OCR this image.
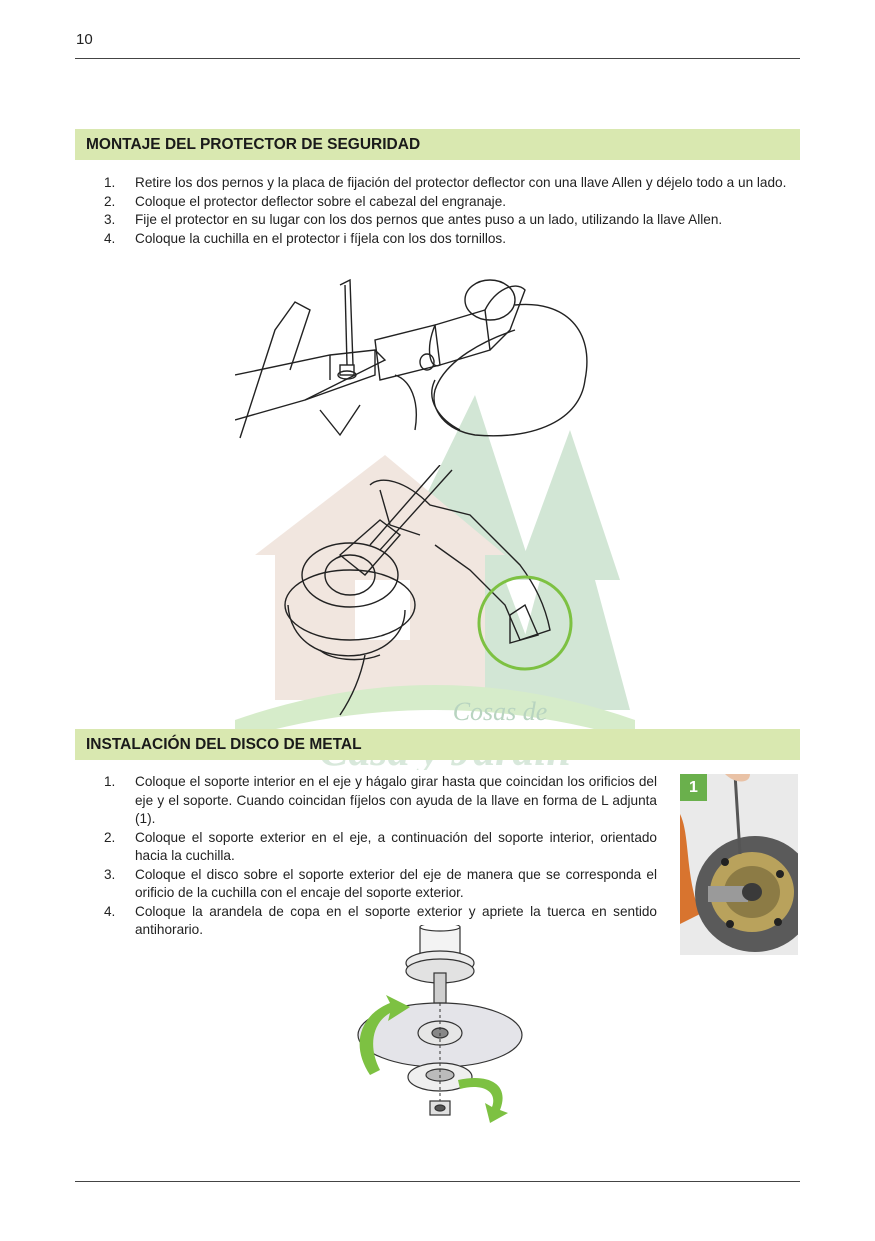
10
Cosas de
MONTAJE DEL PROTECTOR DE SEGURIDAD
1.	Retire los dos pernos y la placa de fijación del protector deflector con una llave Allen y déjelo todo a un lado.
2.	Coloque el protector deflector sobre el cabezal del engranaje.
3.	Fije el protector en su lugar con los dos pernos que antes puso a un lado, utilizando la llave Allen.
4.	Coloque la cuchilla en el protector i fíjela con los dos tornillos.
INSTALACIÓN DEL DISCO DE METAL
1.	Coloque el soporte interior en el eje y hágalo girar hasta que coincidan los orificios del eje y el soporte. Cuando coincidan fíjelos con ayuda de la llave en forma de L adjunta (1).
2.	Coloque el soporte exterior en el eje, a continuación del soporte interior, orientado hacia la cuchilla.
3.	Coloque el disco sobre el soporte exterior del eje de manera que se corresponda el orificio de la cuchilla con el encaje del soporte exterior.
4.	Coloque la arandela de copa en el soporte exterior y apriete la tuerca en sentido antihorario.
1
